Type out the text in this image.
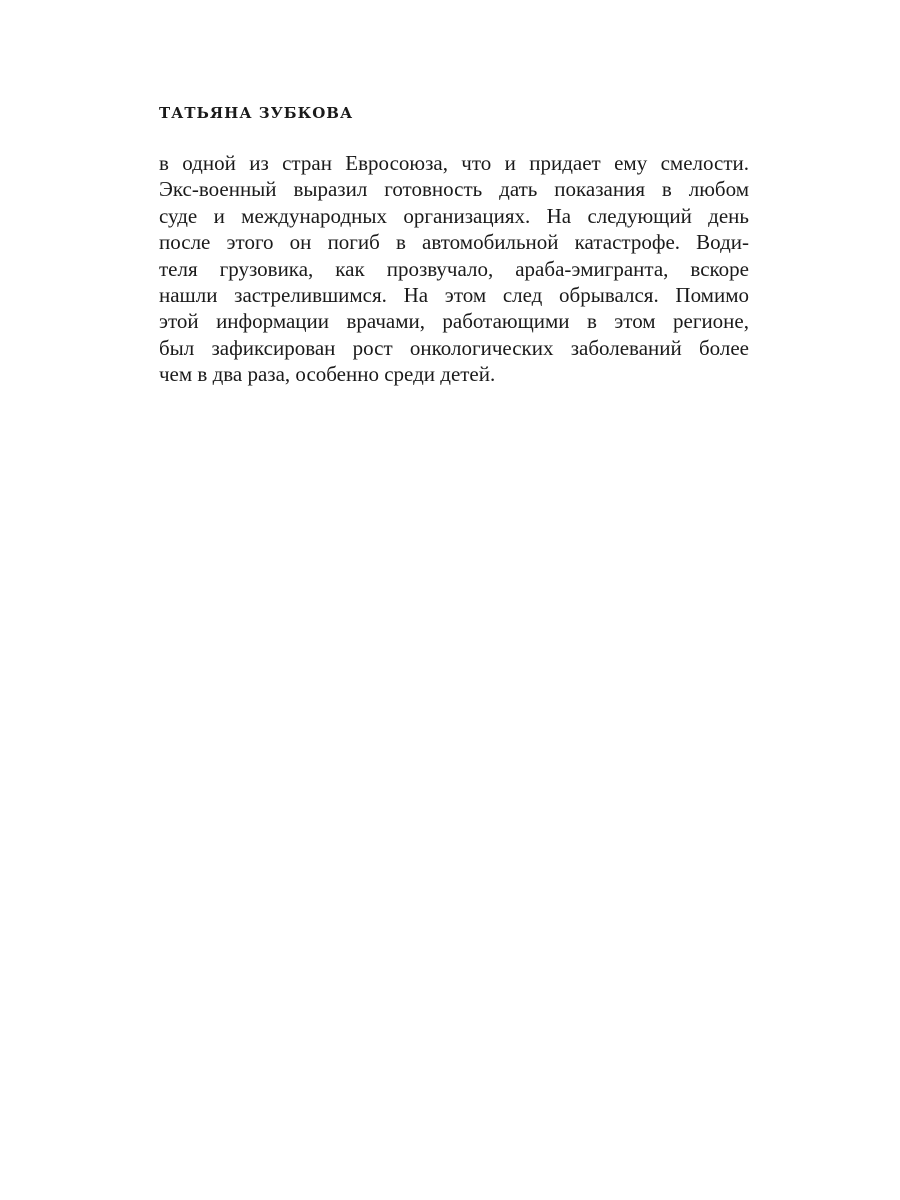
ТАТЬЯНА ЗУБКОВА
в одной из стран Евросоюза, что и придает ему смелости.
Экс-военный выразил готовность дать показания в любом
суде и международных организациях. На следующий день
после этого он погиб в автомобильной катастрофе. Води-
теля грузовика, как прозвучало, араба-эмигранта, вскоре
нашли застрелившимся. На этом след обрывался. Помимо
этой информации врачами, работающими в этом регионе,
был зафиксирован рост онкологических заболеваний более
чем в два раза, особенно среди детей.
